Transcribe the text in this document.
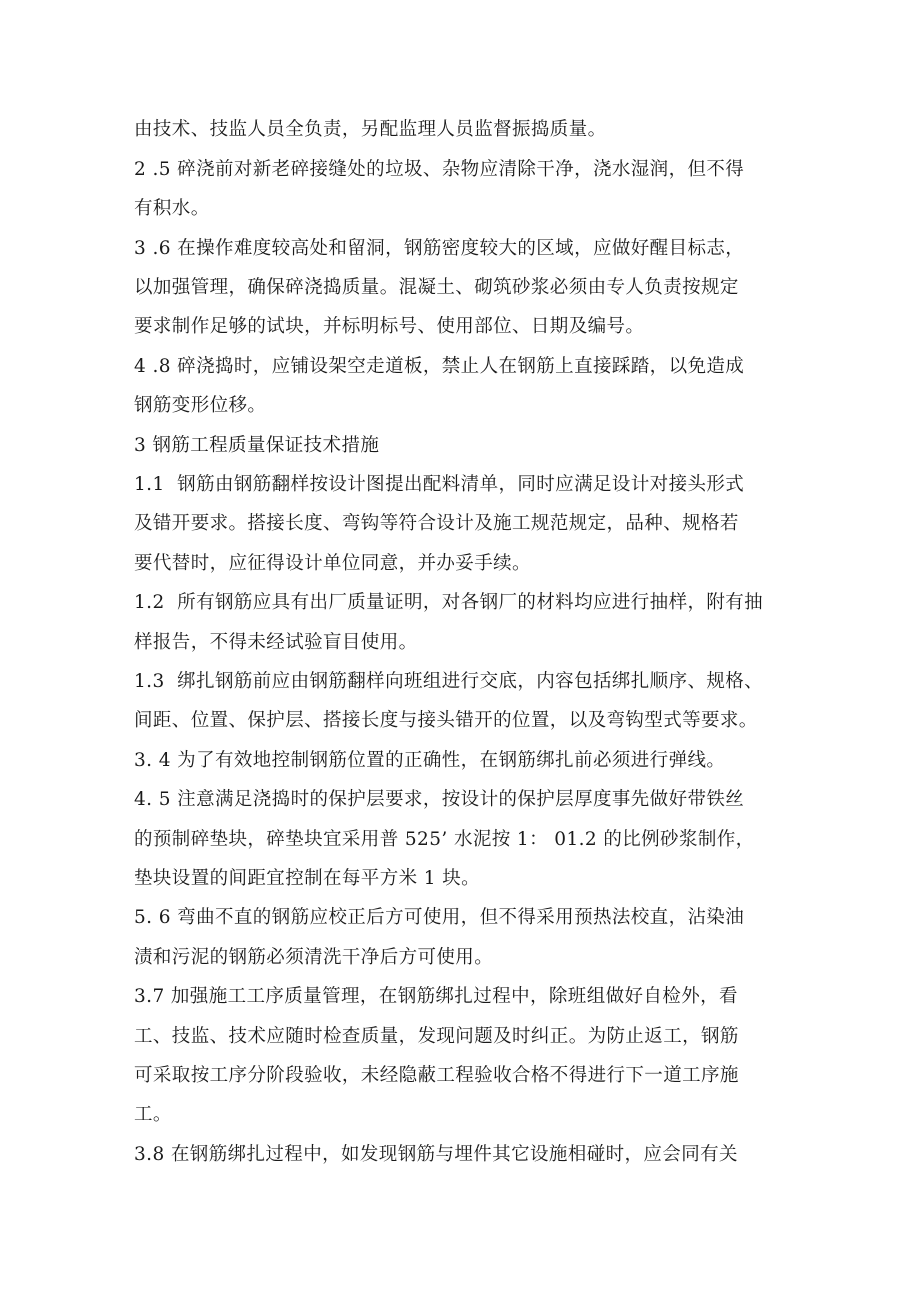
由技术、技监人员全负责，另配监理人员监督振捣质量。
2 .5 碎浇前对新老碎接缝处的垃圾、杂物应清除干净，浇水湿润，但不得
有积水。
3 .6 在操作难度较高处和留洞，钢筋密度较大的区域，应做好醒目标志，
以加强管理，确保碎浇捣质量。混凝土、砌筑砂浆必须由专人负责按规定
要求制作足够的试块，并标明标号、使用部位、日期及编号。
4 .8 碎浇捣时，应铺设架空走道板，禁止人在钢筋上直接踩踏，以免造成
钢筋变形位移。
3 钢筋工程质量保证技术措施
1.1  钢筋由钢筋翻样按设计图提出配料清单，同时应满足设计对接头形式
及错开要求。搭接长度、弯钩等符合设计及施工规范规定，品种、规格若
要代替时，应征得设计单位同意，并办妥手续。
1.2  所有钢筋应具有出厂质量证明，对各钢厂的材料均应进行抽样，附有抽
样报告，不得未经试验盲目使用。
1.3  绑扎钢筋前应由钢筋翻样向班组进行交底，内容包括绑扎顺序、规格、
间距、位置、保护层、搭接长度与接头错开的位置，以及弯钩型式等要求。
3. 4 为了有效地控制钢筋位置的正确性，在钢筋绑扎前必须进行弹线。
4. 5 注意满足浇捣时的保护层要求，按设计的保护层厚度事先做好带铁丝
的预制碎垫块，碎垫块宜采用普 525’ 水泥按 1： 01.2 的比例砂浆制作，
垫块设置的间距宜控制在每平方米 1 块。
5. 6 弯曲不直的钢筋应校正后方可使用，但不得采用预热法校直，沾染油
渍和污泥的钢筋必须清洗干净后方可使用。
3.7 加强施工工序质量管理，在钢筋绑扎过程中，除班组做好自检外，看
工、技监、技术应随时检查质量，发现问题及时纠正。为防止返工，钢筋
可采取按工序分阶段验收，未经隐蔽工程验收合格不得进行下一道工序施
工。
3.8 在钢筋绑扎过程中，如发现钢筋与埋件其它设施相碰时，应会同有关
